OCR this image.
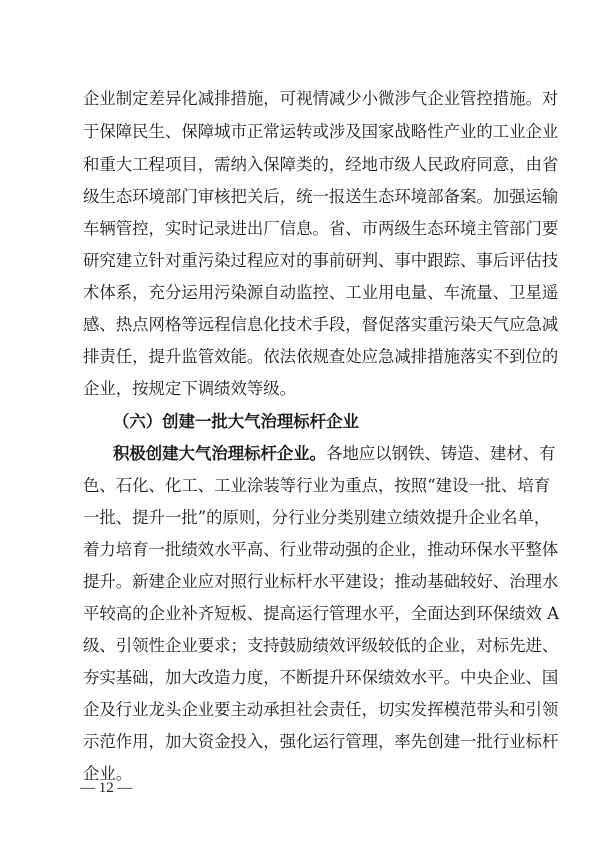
企业制定差异化减排措施，可视情减少小微涉气企业管控措施。对
于保障民生、保障城市正常运转或涉及国家战略性产业的工业企业
和重大工程项目，需纳入保障类的，经地市级人民政府同意，由省
级生态环境部门审核把关后，统一报送生态环境部备案。加强运输
车辆管控，实时记录进出厂信息。省、市两级生态环境主管部门要
研究建立针对重污染过程应对的事前研判、事中跟踪、事后评估技
术体系，充分运用污染源自动监控、工业用电量、车流量、卫星遥
感、热点网格等远程信息化技术手段，督促落实重污染天气应急减
排责任，提升监管效能。依法依规查处应急减排措施落实不到位的
企业，按规定下调绩效等级。
（六）创建一批大气治理标杆企业
积极创建大气治理标杆企业。各地应以钢铁、铸造、建材、有
色、石化、化工、工业涂装等行业为重点，按照“建设一批、培育
一批、提升一批”的原则，分行业分类别建立绩效提升企业名单，
着力培育一批绩效水平高、行业带动强的企业，推动环保水平整体
提升。新建企业应对照行业标杆水平建设；推动基础较好、治理水
平较高的企业补齐短板、提高运行管理水平，全面达到环保绩效 A
级、引领性企业要求；支持鼓励绩效评级较低的企业，对标先进、
夯实基础，加大改造力度，不断提升环保绩效水平。中央企业、国
企及行业龙头企业要主动承担社会责任，切实发挥模范带头和引领
示范作用，加大资金投入，强化运行管理，率先创建一批行业标杆
企业。
— 12 —
